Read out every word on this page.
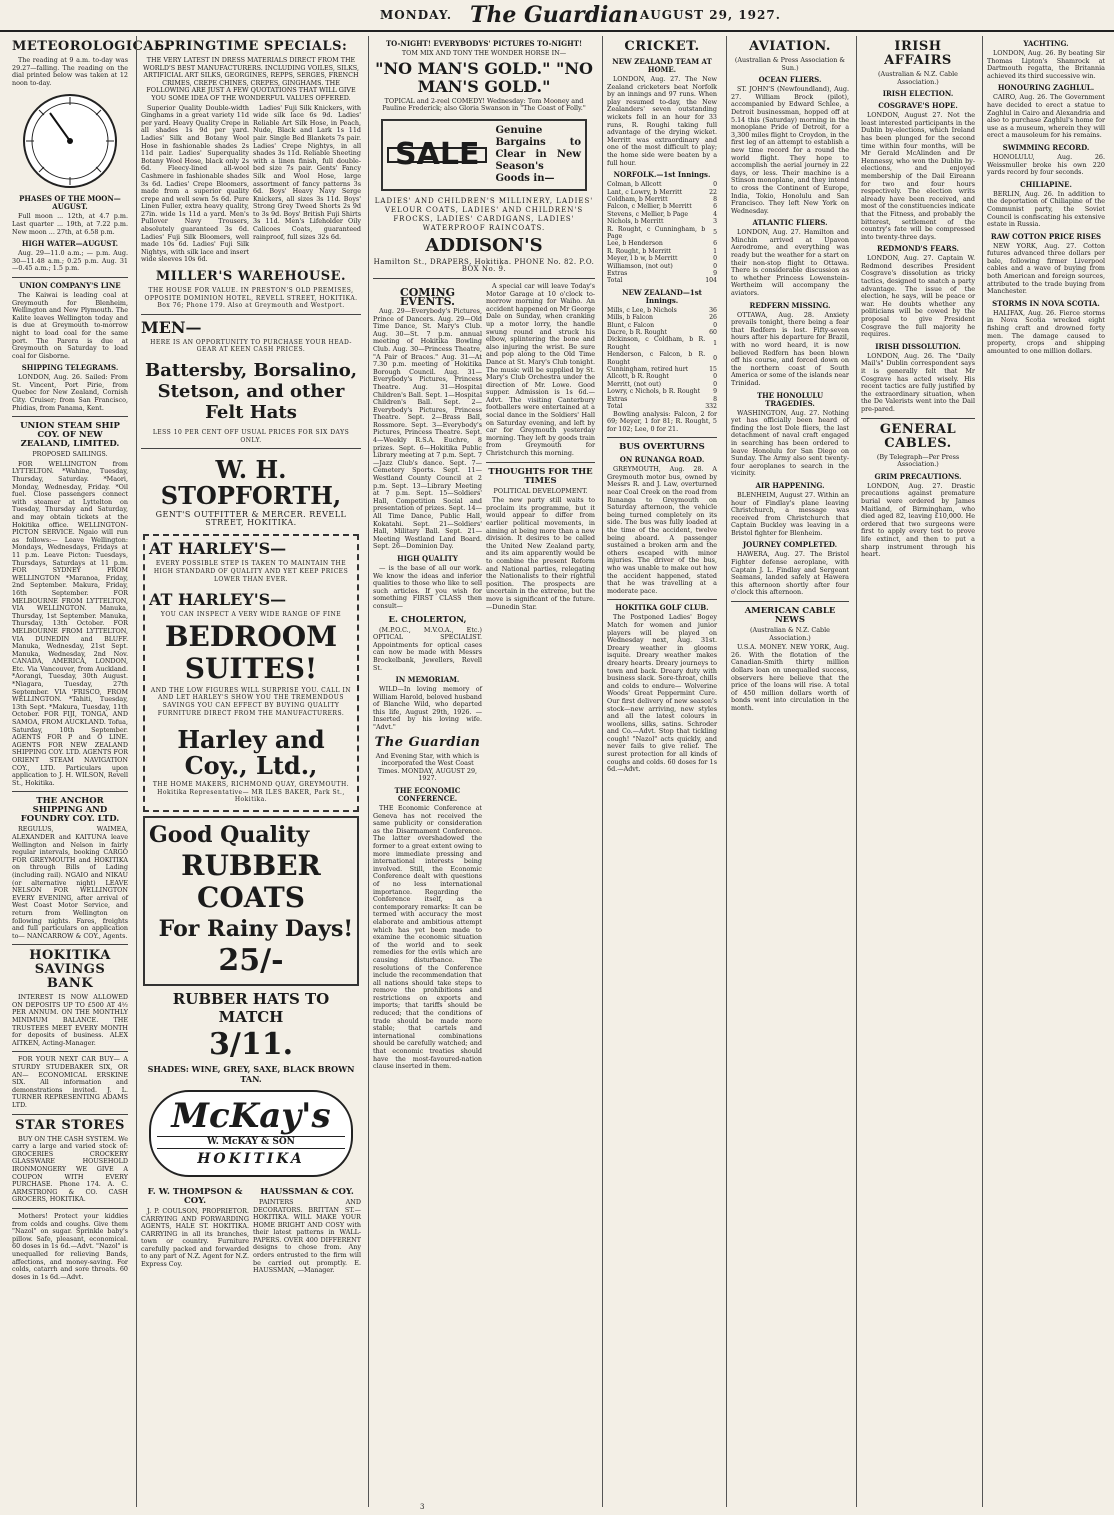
MONDAY. The Guardian AUGUST 29, 1927.
METEOROLOGICAL.

The reading at 9 a.m. to-day was 29.27—falling. The reading on the dial printed below was taken at 12 noon to-day.

PHASES OF THE MOON—AUGUST.

Full moon ... 12th, at 4.7 p.m. Last quarter ... 19th, at 7.22 p.m. New moon ... 27th, at 6.58 p.m.

HIGH WATER—AUGUST.

Aug. 29—11.0 a.m.; — p.m. Aug. 30—11.48 a.m.; 0.25 p.m. Aug. 31—0.45 a.m.; 1.5 p.m.

UNION COMPANY'S LINE

The Kaiwai is leading coal at Greymouth for Blenheim, Wellington and New Plymouth. The Kalite leaves Wellington today and is due at Greymouth to-morrow night to load coal for the same port. The Parera is due at Greymouth on Saturday to load coal for Gisborne.

SHIPPING TELEGRAMS.

LONDON, Aug. 26. Sailed: From St. Vincent, Port Pirie, from Quebec for New Zealand, Cornish City. Cruiser; from San Francisco, Phidias, from Panama, Kent.

UNION STEAM SHIP COY. OF NEW ZEALAND, LIMITED.

PROPOSED SAILINGS.

FOR WELLINGTON from LYTTELTON. *Wahine, Tuesday, Thursday, Saturday. *Maori, Monday, Wednesday, Friday. *Oil fuel. Close passengers connect with steamer at Lyttelton on Tuesday, Thursday and Saturday, and may obtain tickets at the Hokitika office. WELLINGTON-PICTON SERVICE. Ngaio will run as follows:— Leave Wellington: Mondays, Wednesdays, Fridays at 11 p.m. Leave Picton: Tuesdays, Thursdays, Saturdays at 11 p.m. FOR SYDNEY FROM WELLINGTON *Maranoa, Friday, 2nd September. Makura, Friday, 16th September. FOR MELBOURNE FROM LYTTELTON, VIA WELLINGTON. Manuka, Thursday, 1st September. Manuka, Thursday, 13th October. FOR MELBOURNE FROM LYTTELTON, VIA DUNEDIN and BLUFF. Manuka, Wednesday, 21st Sept. Manuka, Wednesday, 2nd Nov. CANADA, AMERICA, LONDON, Etc. Via Vancouver, from Auckland. *Aorangi, Tuesday, 30th August. *Niagara, Tuesday, 27th September. VIA 'FRISCO, FROM WELLINGTON. *Tahiti, Tuesday, 13th Sept. *Makura, Tuesday, 11th October. FOR FIJI, TONGA, AND SAMOA, FROM AUCKLAND. Tofua, Saturday, 10th September. AGENTS FOR P and O LINE. AGENTS FOR NEW ZEALAND SHIPPING COY. LTD. AGENTS FOR ORIENT STEAM NAVIGATION COY., LTD. Particulars upon application to J. H. WILSON, Revell St., Hokitika.

THE ANCHOR SHIPPING AND FOUNDRY COY. LTD.

REGULUS, WAIMEA, ALEXANDER and KAITUNA leave Wellington and Nelson in fairly regular intervals, booking CARGO FOR GREYMOUTH and HOKITIKA on through Bills of Lading (including rail). NGAIO and NIKAU (or alternative night) LEAVE NELSON FOR WELLINGTON EVERY EVENING, after arrival of West Coast Motor Service, and return from Wellington on following nights. Fares, freights and full particulars on application to— NANCARROW & COY., Agents.

HOKITIKA SAVINGS BANK

INTEREST IS NOW ALLOWED ON DEPOSITS UP TO £500 AT 4½ PER ANNUM. ON THE MONTHLY MINIMUM BALANCE. THE TRUSTEES MEET EVERY MONTH for deposits of business. ALEX AITKEN, Acting-Manager.

FOR YOUR NEXT CAR BUY— A STURDY STUDEBAKER SIX, OR AN— ECONOMICAL ERSKINE SIX. All information and demonstrations invited. J. L. TURNER REPRESENTING ADAMS LTD.

STAR STORES

BUY ON THE CASH SYSTEM. We carry a large and varied stock of: GROCERIES CROCKERY GLASSWARE HOUSEHOLD IRONMONGERY WE GIVE A COUPON WITH EVERY PURCHASE. Phone 174. A. C. ARMSTRONG & CO. CASH GROCERS, HOKITIKA.

Mothers! Protect your kiddies from colds and coughs. Give them "Nazol" on sugar. Sprinkle baby's pillow. Safe, pleasant, economical. 60 doses in 1s 6d.—Advt. "Nazol" is unequalled for relieving Bands, affections, and money-saving. For colds, catarrh and sore throats. 60 doses in 1s 6d.—Advt.

SPRINGTIME SPECIALS:

THE VERY LATEST IN DRESS MATERIALS DIRECT FROM THE WORLD'S BEST MANUFACTURERS. INCLUDING VOILES, SILKS, ARTIFICIAL ART SILKS, GEORGINES, REPPS, SERGES, FRENCH CRIMES, CREPE CHINES, CREPES, GINGHAMS. THE FOLLOWING ARE JUST A FEW QUOTATIONS THAT WILL GIVE YOU SOME IDEA OF THE WONDERFUL VALUES OFFERED.

Superior Quality Double-width Ginghams in a great variety 11d per yard. Heavy Quality Crepe in all shades 1s 9d per yard. Ladies' Silk and Botany Wool Hose in fashionable shades 2s 11d pair. Ladies' Superquality Botany Wool Hose, black only 2s 6d. Fleecy-lined all-wool Cashmere in fashionable shades 3s 6d. Ladies' Crepe Bloomers, made from a superior quality crepe and well sewn 5s 6d. Pure Linen Fuller, extra heavy quality, 27in. wide 1s 11d a yard. Men's Pullover Navy Trousers, absolutely guaranteed 3s 6d. Ladies' Fuji Silk Bloomers, well made 10s 6d. Ladies' Fuji Silk Nightys, with silk lace and insert wide sleeves 10s 6d.

Ladies' Fuji Silk Knickers, with wide silk lace 6s 9d. Ladies' Reliable Art Silk Hose, in Peach, Nude, Black and Lark 1s 11d pair. Single Bed Blankets 7s pair. Ladies' Crepe Nightys, in all shades 3s 11d. Reliable Sheeting with a linen finish, full double-bed size 7s pair. Gents' Fancy Silk and Wool Hose, large assortment of fancy patterns 3s 6d. Boys' Heavy Navy Serge Knickers, all sizes 3s 11d. Boys' Strong Grey Tweed Shorts 2s 9d to 3s 9d. Boys' British Fuji Shirts 3s 11d. Men's Lifeholder Oily Calicoes Coats, guaranteed rainproof, full sizes 32s 6d.

MILLER'S WAREHOUSE.

THE HOUSE FOR VALUE. IN PRESTON'S OLD PREMISES, OPPOSITE DOMINION HOTEL, REVELL STREET, HOKITIKA. Box 76; Phone 179. Also at Greymouth and Westport.

MEN—

HERE IS AN OPPORTUNITY TO PURCHASE YOUR HEAD-GEAR AT KEEN CASH PRICES.

Battersby, Borsalino, Stetson, and other Felt Hats

LESS 10 PER CENT OFF USUAL PRICES FOR SIX DAYS ONLY.

W. H. STOPFORTH,

GENT'S OUTFITTER & MERCER. REVELL STREET, HOKITIKA.

AT HARLEY'S—

EVERY POSSIBLE STEP IS TAKEN TO MAINTAIN THE HIGH STANDARD OF QUALITY AND YET KEEP PRICES LOWER THAN EVER.

AT HARLEY'S—

YOU CAN INSPECT A VERY WIDE RANGE OF FINE

BEDROOM SUITES!

AND THE LOW FIGURES WILL SURPRISE YOU. CALL IN AND LET HARLEY'S SHOW YOU THE TREMENDOUS SAVINGS YOU CAN EFFECT BY BUYING QUALITY FURNITURE DIRECT FROM THE MANUFACTURERS.

Harley and Coy., Ltd.,

THE HOME MAKERS, RICHMOND QUAY, GREYMOUTH. Hokitika Representative— MR ILES BAKER, Park St., Hokitika.

Good Quality

RUBBER COATS

For Rainy Days!

25/-

RUBBER HATS TO MATCH

3/11.

SHADES: WINE, GREY, SAXE, BLACK BROWN TAN.

McKay's

W. McKAY & SON

HOKITIKA

F. W. THOMPSON & COY.

J. P. COULSON, PROPRIETOR. CARRYING AND FORWARDING AGENTS, HALE ST. HOKITIKA. CARRYING in all its branches, town or country. Furniture carefully packed and forwarded to any part of N.Z. Agent for N.Z. Express Coy.

HAUSSMAN & COY.

PAINTERS AND DECORATORS. BRITTAN ST.—HOKITIKA. WILL MAKE YOUR HOME BRIGHT AND COSY with their latest patterns in WALL-PAPERS. OVER 400 DIFFERENT designs to chose from. Any orders entrusted to the firm will be carried out promptly. E. HAUSSMAN, —Manager.

TO-NIGHT! EVERYBODYS' PICTURES TO-NIGHT!

TOM MIX AND TONY THE WONDER HORSE IN—

"NO MAN'S GOLD." "NO MAN'S GOLD."

TOPICAL and 2-reel COMEDY! Wednesday: Tom Mooney and Pauline Frederick; also Gloria Swanson in "The Coast of Folly."

SALE
Genuine Bargains to Clear in New Season's Goods in—

LADIES' AND CHILDREN'S MILLINERY, LADIES' VELOUR COATS, LADIES' AND CHILDREN'S FROCKS, LADIES' CARDIGANS, LADIES' WATERPROOF RAINCOATS.

ADDISON'S

Hamilton St., DRAPERS, Hokitika. PHONE No. 82. P.O. BOX No. 9.

COMING EVENTS.

Aug. 29—Everybody's Pictures, Prince of Dancers. Aug. 29—Old Time Dance, St. Mary's Club. Aug. 30—St. 7 p.m. annual meeting of Hokitika Bowling Club. Aug. 30—Princess Theatre, "A Pair of Braces." Aug. 31—At 7.30 p.m. meeting of Hokitika Borough Council. Aug. 31—Everybody's Pictures, Princess Theatre. Aug. 31—Hospital Children's Ball. Sept. 1—Hospital Children's Ball. Sept. 2—Everybody's Pictures, Princess Theatre. Sept. 2—Brass Ball, Rossmore. Sept. 3—Everybody's Pictures, Princess Theatre. Sept. 4—Weekly R.S.A. Euchre, 8 prizes. Sept. 6—Hokitika Public Library meeting at 7 p.m. Sept. 7—Jazz Club's dance. Sept. 7—Cemetery Sports. Sept. 11—Westland County Council at 2 p.m. Sept. 13—Library Meeting at 7 p.m. Sept. 15—Soldiers' Hall, Competition Social and presentation of prizes. Sept. 14—All Time Dance, Public Hall, Kokatahi. Sept. 21—Soldiers' Hall, Military Ball. Sept. 21—Meeting Westland Land Board. Sept. 26—Dominion Day.

HIGH QUALITY

— is the base of all our work. We know the ideas and inferior qualities to those who like to sell such articles. If you wish for something FIRST CLASS then consult—

E. CHOLERTON,

(M.P.O.C., M.V.O.A., Etc.) OPTICAL SPECIALIST. Appointments for optical cases can now be made with Messrs Brockelbank, Jewellers, Revell St.

IN MEMORIAM.

WILD—In loving memory of William Harold, beloved husband of Blanche Wild, who departed this life, August 29th, 1926. —Inserted by his loving wife. "Advt."

The Guardian

And Evening Star, with which is incorporated the West Coast Times. MONDAY, AUGUST 29, 1927.

THE ECONOMIC CONFERENCE.

THE Economic Conference at Geneva has not received the same publicity or consideration as the Disarmament Conference. The latter overshadowed the former to a great extent owing to more immediate pressing and international interests being involved. Still, the Economic Conference dealt with questions of no less international importance. Regarding the Conference itself, as a contemporary remarks: It can be termed with accuracy the most elaborate and ambitious attempt which has yet been made to examine the economic situation of the world and to seek remedies for the evils which are causing disturbance. The resolutions of the Conference include the recommendation that all nations should take steps to remove the prohibitions and restrictions on exports and imports; that tariffs should be reduced; that the conditions of trade should be made more stable; that cartels and international combinations should be carefully watched; and that economic treaties should have the most-favoured-nation clause inserted in them.

A special car will leave Today's Motor Garage at 10 o'clock to-morrow morning for Waiho. An accident happened on Mr George Dale on Sunday, when cranking up a motor lorry, the handle swung round and struck his elbow, splintering the bone and also injuring the wrist. Be sure and pop along to the Old Time Dance at St. Mary's Club tonight. The music will be supplied by St. Mary's Club Orchestra under the direction of Mr. Lowe. Good supper. Admission is 1s 6d.—Advt. The visiting Canterbury footballers were entertained at a social dance in the Soldiers' Hall on Saturday evening, and left by car for Greymouth yesterday morning. They left by goods train from Greymouth for Christchurch this morning.

THOUGHTS FOR THE TIMES

POLITICAL DEVELOPMENT.

The new party still waits to proclaim its programme, but it would appear to differ from earlier political movements, in aiming at being more than a new division. It desires to be called the United New Zealand party, and its aim apparently would be to combine the present Reform and National parties, relegating the Nationalists to their rightful position. The prospects are uncertain in the extreme, but the move is significant of the future. —Dunedin Star.

CRICKET.
NEW ZEALAND TEAM AT HOME.

LONDON, Aug. 27. The New Zealand cricketers beat Norfolk by an innings and 97 runs. When play resumed to-day, the New Zealanders' seven outstanding wickets fell in an hour for 33 runs, R. Roughi taking full advantage of the drying wicket. Merritt was extraordinary and one of the most difficult to play; the home side were beaten by a full hour.

NORFOLK.—1st Innings.
Colman, b Allcott	0
Lant, c Lowry, b Merritt	22
Coldham, b Merritt	8
Falcon, c Mellier, b Merritt	6
Stevens, c Mellier, b Page	4
Nichols, b Merritt	3
R. Rought, c Cunningham, b Page	5
Lee, b Henderson	6
R. Rought, b Merritt	1
Meyer, l b w, b Merritt	0
Williamson, (not out)	0
Extras	9
Total	104
NEW ZEALAND—1st Innings.
Mills, c Lee, b Nichols	36
Mills, b Falcon	26
Blunt, c Falcon	0
Dacre, b R. Rought	60
Dickinson, c Coldham, b R. Rought	1
Henderson, c Falcon, b R. Rought	0
Cunningham, retired hurt	15
Allcott, b R. Rought	0
Merritt, (not out)	0
Lowry, c Nichols, b R. Rought	9
Extras	8
Total	332

Bowling analysis: Falcon, 2 for 69; Meyer, 1 for 81; R. Rought, 5 for 102; Lee, 0 for 21.

BUS OVERTURNS
ON RUNANGA ROAD.

GREYMOUTH, Aug. 28. A Greymouth motor bus, owned by Messrs R. and J. Law, overturned near Coal Creek on the road from Runanga to Greymouth on Saturday afternoon, the vehicle being turned completely on its side. The bus was fully loaded at the time of the accident, twelve being aboard. A passenger sustained a broken arm and the others escaped with minor injuries. The driver of the bus, who was unable to make out how the accident happened, stated that he was travelling at a moderate pace.

HOKITIKA GOLF CLUB.

The Postponed Ladies' Bogey Match for women and junior players will be played on Wednesday next, Aug. 31st. Dreary weather in glooms isquite. Dreary weather makes dreary hearts. Dreary journeys to town and back. Dreary duty with business slack. Sore-throat, chills and colds to endure— Wolverine Woods' Great Peppermint Cure. Our first delivery of new season's stock—new arriving, new styles and all the latest colours in woollens, silks, satins. Schroder and Co.—Advt. Stop that tickling cough! "Nazol" acts quickly, and never fails to give relief. The surest protection for all kinds of coughs and colds. 60 doses for 1s 6d.—Advt.

AVIATION.

(Australian & Press Association & Sun.)

OCEAN FLIERS.

ST. JOHN'S (Newfoundland), Aug. 27. William Brock (pilot), accompanied by Edward Schlee, a Detroit businessman, hopped off at 5.14 this (Saturday) morning in the monoplane Pride of Detroit, for a 3,300 miles flight to Croydon, in the first leg of an attempt to establish a new time record for a round the world flight. They hope to accomplish the aerial journey in 22 days, or less. Their machine is a Stinson monoplane, and they intend to cross the Continent of Europe, India, Tokio, Honolulu and San Francisco. They left New York on Wednesday.

ATLANTIC FLIERS.

LONDON, Aug. 27. Hamilton and Minchin arrived at Upavon Aerodrome, and everything was ready but the weather for a start on their non-stop flight to Ottawa. There is considerable discussion as to whether Princess Lowenstein-Wertheim will accompany the aviators.

REDFERN MISSING.

OTTAWA, Aug. 28. Anxiety prevails tonight, there being a fear that Redfern is lost. Fifty-seven hours after his departure for Brazil, with no word heard, it is now believed Redfern has been blown off his course, and forced down on the northern coast of South America or some of the islands near Trinidad.

THE HONOLULU TRAGEDIES.

WASHINGTON, Aug. 27. Nothing yet has officially been heard of finding the lost Dole fliers, the last detachment of naval craft engaged in searching has been ordered to leave Honolulu for San Diego on Sunday. The Army also sent twenty-four aeroplanes to search in the vicinity.

AIR HAPPENING.

BLENHEIM, August 27. Within an hour of Findlay's plane leaving Christchurch, a message was received from Christchurch that Captain Buckley was leaving in a Bristol fighter for Blenheim.

JOURNEY COMPLETED.

HAWERA, Aug. 27. The Bristol Fighter defense aeroplane, with Captain J. L. Findlay and Sergeant Seamans, landed safely at Hawera this afternoon shortly after four o'clock this afternoon.

AMERICAN CABLE NEWS

(Australian & N.Z. Cable Association.)

U.S.A. MONEY. NEW YORK, Aug. 26. With the flotation of the Canadian-Smith thirty million dollars loan on unequalled success, observers here believe that the price of the loans will rise. A total of 450 million dollars worth of bonds went into circulation in the month.

IRISH AFFAIRS

(Australian & N.Z. Cable Association.)

IRISH ELECTION.
COSGRAVE'S HOPE.

LONDON, August 27. Not the least interested participants in the Dublin by-elections, which Ireland has been plunged for the second time within four months, will be Mr Gerald McAlinden and Dr Hennessy, who won the Dublin by-elections, and enjoyed membership of the Dail Eireann for two and four hours respectively. The election writs already have been received, and most of the constituencies indicate that the Fitness, and probably the bitterest, settlement of the country's fate will be compressed into twenty-three days.

REDMOND'S FEARS.

LONDON, Aug. 27. Captain W. Redmond describes President Cosgrave's dissolution as tricky tactics, designed to snatch a party advantage. The issue of the election, he says, will be peace or war. He doubts whether any politicians will be cowed by the proposal to give President Cosgrave the full majority he requires.

IRISH DISSOLUTION.

LONDON, Aug. 26. The "Daily Mail's" Dublin correspondent says it is generally felt that Mr Cosgrave has acted wisely. His recent tactics are fully justified by the extraordinary situation, when the De Valerists went into the Dail pre-pared.

GENERAL CABLES.

(By Telegraph—Per Press Association.)

GRIM PRECAUTIONS.

LONDON, Aug. 27. Drastic precautions against premature burial were ordered by James Maitland, of Birmingham, who died aged 82, leaving £10,000. He ordered that two surgeons were first to apply every test to prove life extinct, and then to put a sharp instrument through his heart.

YACHTING.

LONDON, Aug. 26. By beating Sir Thomas Lipton's Shamrock at Dartmouth regatta, the Britannia achieved its third successive win.

HONOURING ZAGHLUL.

CAIRO, Aug. 26. The Government have decided to erect a statue to Zaghlul in Cairo and Alexandria and also to purchase Zaghlul's home for use as a museum, wherein they will erect a mausoleum for his remains.

SWIMMING RECORD.

HONOLULU, Aug. 26. Weissmuller broke his own 220 yards record by four seconds.

CHILIAPINE.

BERLIN, Aug. 26. In addition to the deportation of Chiliapine of the Communist party, the Soviet Council is confiscating his extensive estate in Russia.

RAW COTTON PRICE RISES

NEW YORK, Aug. 27. Cotton futures advanced three dollars per bale, following firmer Liverpool cables and a wave of buying from both American and foreign sources, attributed to the trade buying from Manchester.

STORMS IN NOVA SCOTIA.

HALIFAX, Aug. 26. Fierce storms in Nova Scotia wrecked eight fishing craft and drowned forty men. The damage caused to property, crops and shipping amounted to one million dollars.

3
